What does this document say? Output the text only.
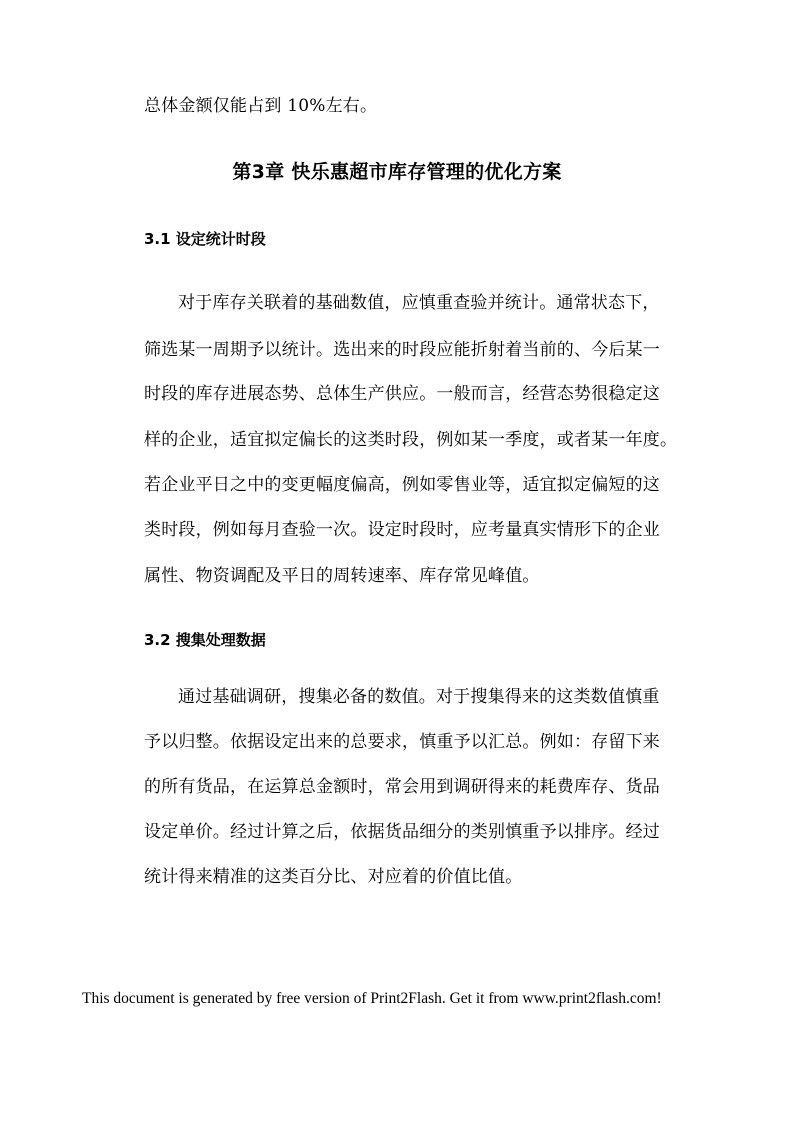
总体金额仅能占到 10%左右。
第3章 快乐惠超市库存管理的优化方案
3.1 设定统计时段
对于库存关联着的基础数值，应慎重查验并统计。通常状态下，
筛选某一周期予以统计。选出来的时段应能折射着当前的、今后某一
时段的库存进展态势、总体生产供应。一般而言，经营态势很稳定这
样的企业，适宜拟定偏长的这类时段，例如某一季度，或者某一年度。
若企业平日之中的变更幅度偏高，例如零售业等，适宜拟定偏短的这
类时段，例如每月查验一次。设定时段时，应考量真实情形下的企业
属性、物资调配及平日的周转速率、库存常见峰值。
3.2 搜集处理数据
通过基础调研，搜集必备的数值。对于搜集得来的这类数值慎重
予以归整。依据设定出来的总要求，慎重予以汇总。例如：存留下来
的所有货品，在运算总金额时，常会用到调研得来的耗费库存、货品
设定单价。经过计算之后，依据货品细分的类别慎重予以排序。经过
统计得来精准的这类百分比、对应着的价值比值。
This document is generated by free version of Print2Flash. Get it from www.print2flash.com!
